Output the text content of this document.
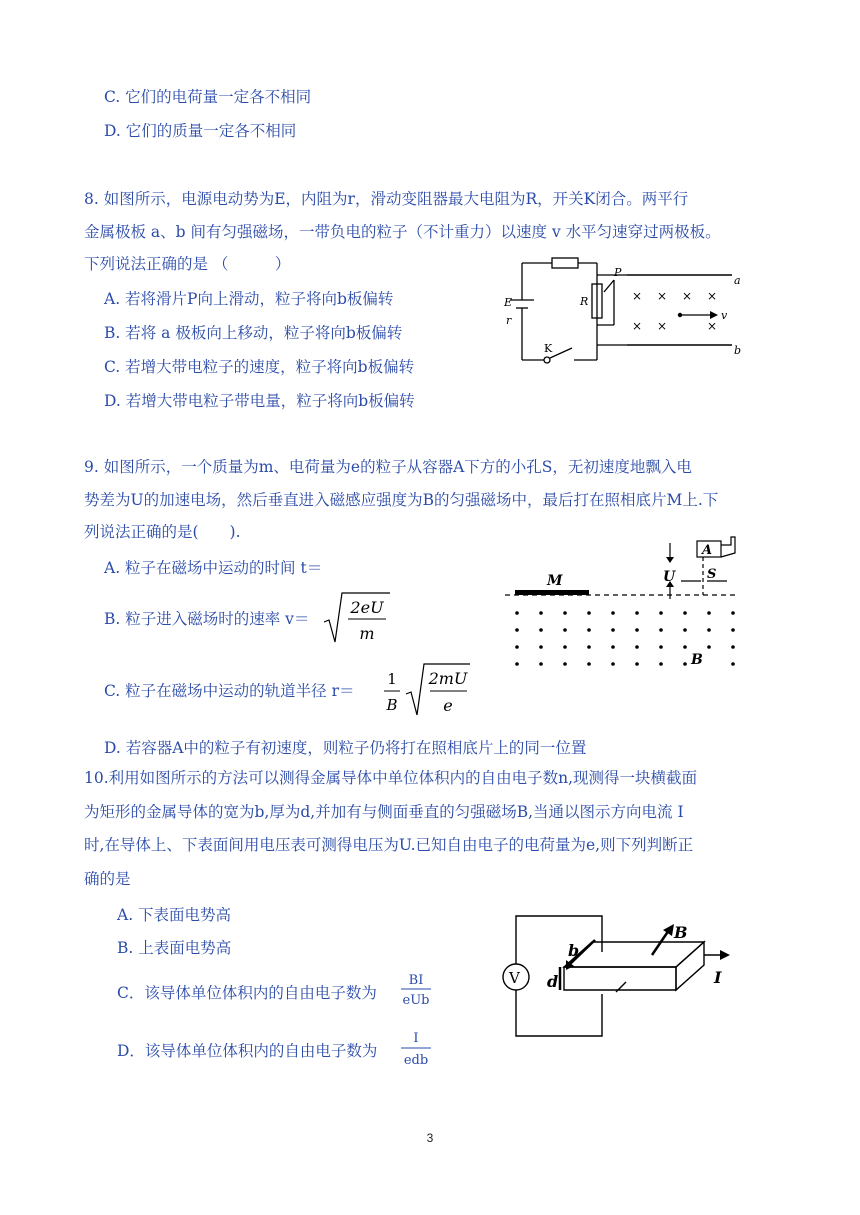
C. 它们的电荷量一定各不相同
D. 它们的质量一定各不相同
8. 如图所示，电源电动势为E，内阻为r，滑动变阻器最大电阻为R，开关K闭合。两平行
金属极板 a、b 间有匀强磁场，一带负电的粒子（不计重力）以速度 v 水平匀速穿过两极板。
下列说法正确的是 （　　　）
A. 若将滑片P向上滑动，粒子将向b板偏转
B. 若将 a 极板向上移动，粒子将向b板偏转
C. 若增大带电粒子的速度，粒子将向b板偏转
D. 若增大带电粒子带电量，粒子将向b板偏转
E
r
R
P
K
a
b
v
× × × ×
× ×	×
9. 如图所示，一个质量为m、电荷量为e的粒子从容器A下方的小孔S，无初速度地飘入电
势差为U的加速电场，然后垂直进入磁感应强度为B的匀强磁场中，最后打在照相底片M上.下
列说法正确的是(　　).
A. 粒子在磁场中运动的时间 t＝
B. 粒子进入磁场时的速率 v＝
2eU
m
C. 粒子在磁场中运动的轨道半径 r＝
1
B
2mU
e
D. 若容器A中的粒子有初速度，则粒子仍将打在照相底片上的同一位置
M
A
U S
B
10.利用如图所示的方法可以测得金属导体中单位体积内的自由电子数n,现测得一块横截面
为矩形的金属导体的宽为b,厚为d,并加有与侧面垂直的匀强磁场B,当通以图示方向电流 I
时,在导体上、下表面间用电压表可测得电压为U.已知自由电子的电荷量为e,则下列判断正
确的是
A. 下表面电势高
B. 上表面电势高
C．该导体单位体积内的自由电子数为
BI
eUb
D．该导体单位体积内的自由电子数为
I
edb
V
b
d
B
I
3
